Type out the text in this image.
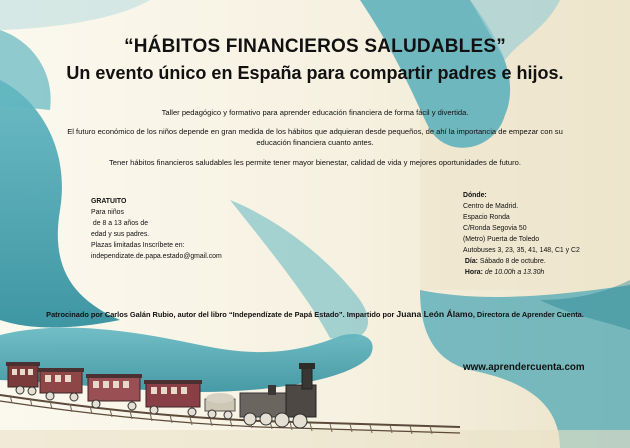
“HÁBITOS FINANCIEROS SALUDABLES”
Un evento único en España para compartir padres e hijos.
Taller pedagógico y formativo para aprender educación financiera de forma fácil y divertida.
El futuro económico de los niños depende en gran medida de los hábitos que adquieran desde pequeños, de ahí la importancia de empezar con su
educación financiera cuanto antes.
Tener hábitos financieros saludables les permite tener mayor bienestar, calidad de vida y mejores oportunidades de futuro.
GRATUITO
Para niños
de 8 a 13 años de
edad y sus padres.
Plazas limitadas Inscríbete en:
independizate.de.papa.estado@gmail.com
Dónde:
Centro de Madrid.
Espacio Ronda
C/Ronda Segovia 50
(Metro) Puerta de Toledo
Autobuses 3, 23, 35, 41, 148, C1 y C2
Día: Sábado 8 de octubre.
Hora: de 10.00h a 13.30h
Patrocinado por Carlos Galán Rubio, autor del libro “Independízate de Papá Estado”. Impartido por Juana León Álamo, Directora de Aprender Cuenta.
www.aprendercuenta.com
